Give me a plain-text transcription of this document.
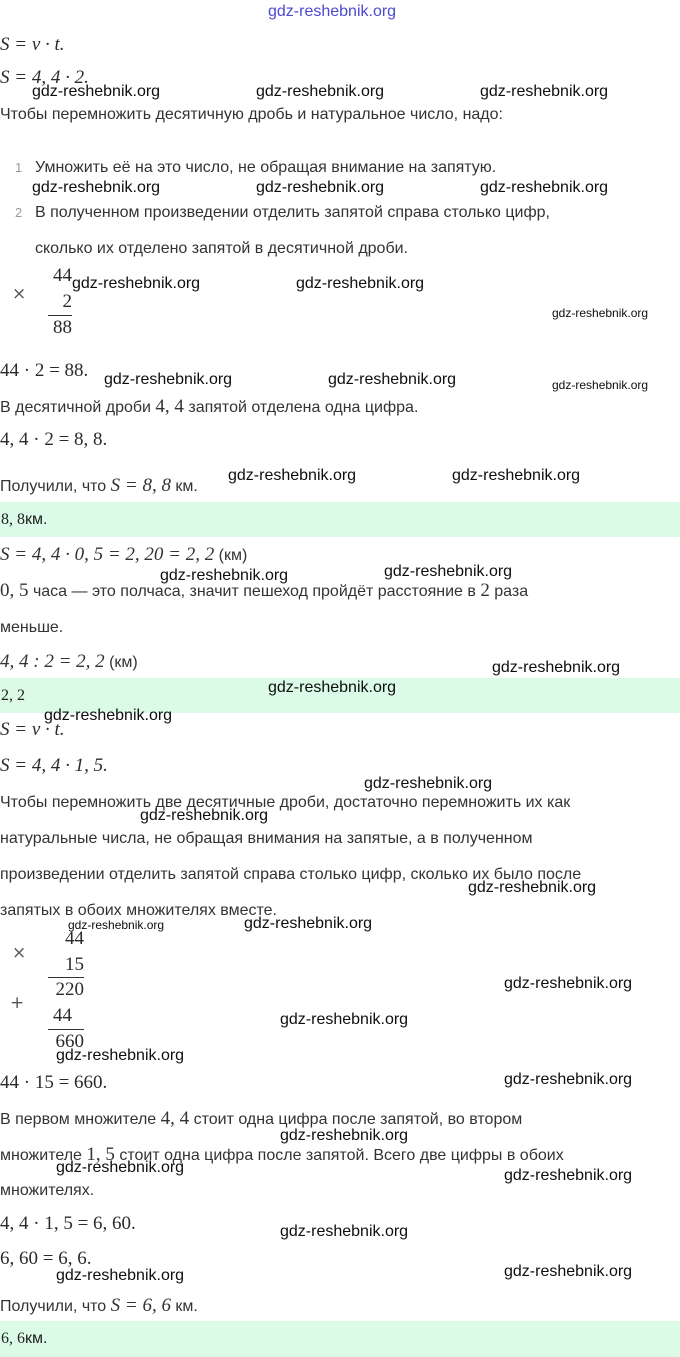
gdz-reshebnik.org
S = v · t.
S = 4, 4 · 2.
Чтобы перемножить десятичную дробь и натуральное число, надо:
1 Умножить её на это число, не обращая внимание на запятую.
2 В полученном произведении отделить запятой справа столько цифр,
сколько их отделено запятой в десятичной дроби.
×
44
2
88
44 · 2 = 88.
В десятичной дроби 4, 4 запятой отделена одна цифра.
4, 4 · 2 = 8, 8.
Получили, что S = 8, 8 км.
8, 8 км.
S = 4, 4 · 0, 5 = 2, 20 = 2, 2 (км)
0, 5 часа — это полчаса, значит пешеход пройдёт расстояние в 2 раза
меньше.
4, 4 : 2 = 2, 2 (км)
2, 2
S = v · t.
S = 4, 4 · 1, 5.
Чтобы перемножить две десятичные дроби, достаточно перемножить их как
натуральные числа, не обращая внимания на запятые, а в полученном
произведении отделить запятой справа столько цифр, сколько их было после
запятых в обоих множителях вместе.
×
44
15
220
+
44
660
44 · 15 = 660.
В первом множителе 4, 4 стоит одна цифра после запятой, во втором
множителе 1, 5 стоит одна цифра после запятой. Всего две цифры в обоих
множителях.
4, 4 · 1, 5 = 6, 60.
6, 60 = 6, 6.
Получили, что S = 6, 6 км.
6, 6 км.
gdz-reshebnik.org	gdz-reshebnik.org	gdz-reshebnik.org
gdz-reshebnik.org	gdz-reshebnik.org	gdz-reshebnik.org
gdz-reshebnik.org	gdz-reshebnik.org
gdz-reshebnik.org
gdz-reshebnik.org	gdz-reshebnik.org	gdz-reshebnik.org
gdz-reshebnik.org	gdz-reshebnik.org
gdz-reshebnik.org	gdz-reshebnik.org
gdz-reshebnik.org
gdz-reshebnik.org
gdz-reshebnik.org
gdz-reshebnik.org
gdz-reshebnik.org
gdz-reshebnik.org
gdz-reshebnik.org	gdz-reshebnik.org
gdz-reshebnik.org
gdz-reshebnik.org
gdz-reshebnik.org
gdz-reshebnik.org
gdz-reshebnik.org
gdz-reshebnik.org	gdz-reshebnik.org
gdz-reshebnik.org
gdz-reshebnik.org
gdz-reshebnik.org
